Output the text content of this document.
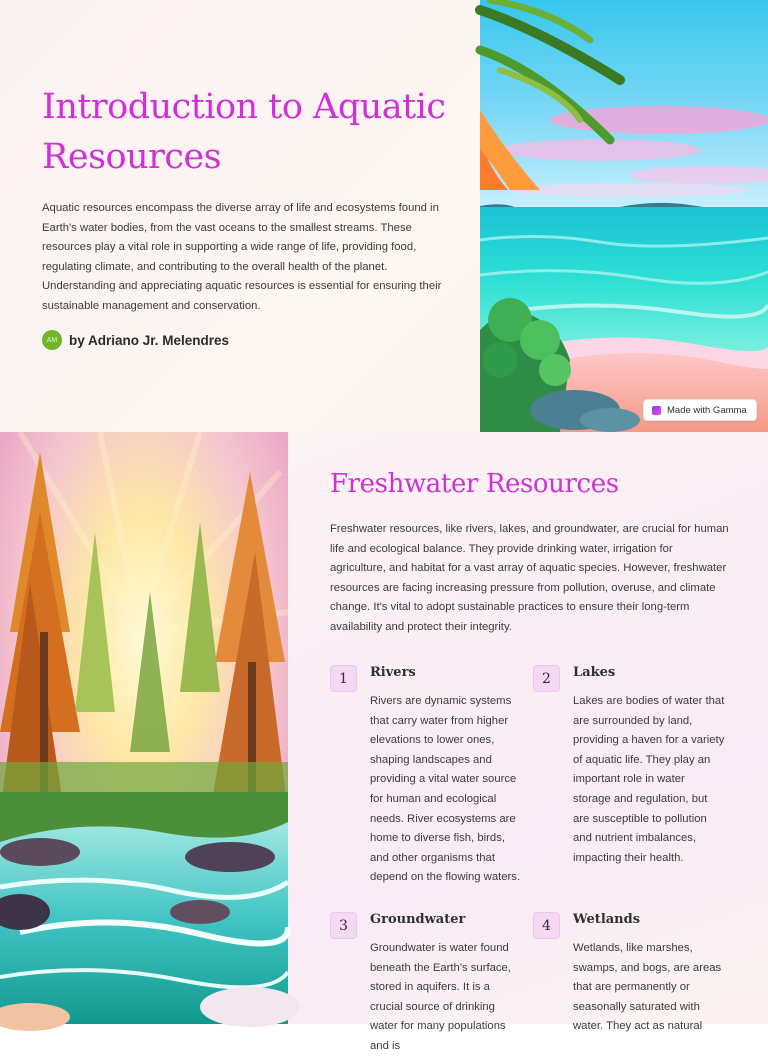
Introduction to Aquatic Resources

Aquatic resources encompass the diverse array of life and ecosystems found in Earth's water bodies, from the vast oceans to the smallest streams. These resources play a vital role in supporting a wide range of life, providing food, regulating climate, and contributing to the overall health of the planet. Understanding and appreciating aquatic resources is essential for ensuring their sustainable management and conservation.

AM by Adriano Jr. Melendres
Made with Gamma
Freshwater Resources

Freshwater resources, like rivers, lakes, and groundwater, are crucial for human life and ecological balance. They provide drinking water, irrigation for agriculture, and habitat for a vast array of aquatic species. However, freshwater resources are facing increasing pressure from pollution, overuse, and climate change. It's vital to adopt sustainable practices to ensure their long-term availability and protect their integrity.

1	Rivers
Rivers are dynamic systems that carry water from higher elevations to lower ones, shaping landscapes and providing a vital water source for human and ecological needs. River ecosystems are home to diverse fish, birds, and other organisms that depend on the flowing waters.
2	Lakes
Lakes are bodies of water that are surrounded by land, providing a haven for a variety of aquatic life. They play an important role in water storage and regulation, but are susceptible to pollution and nutrient imbalances, impacting their health.
3	Groundwater
Groundwater is water found beneath the Earth's surface, stored in aquifers. It is a crucial source of drinking water for many populations and is
4	Wetlands
Wetlands, like marshes, swamps, and bogs, are areas that are permanently or seasonally saturated with water. They act as natural
